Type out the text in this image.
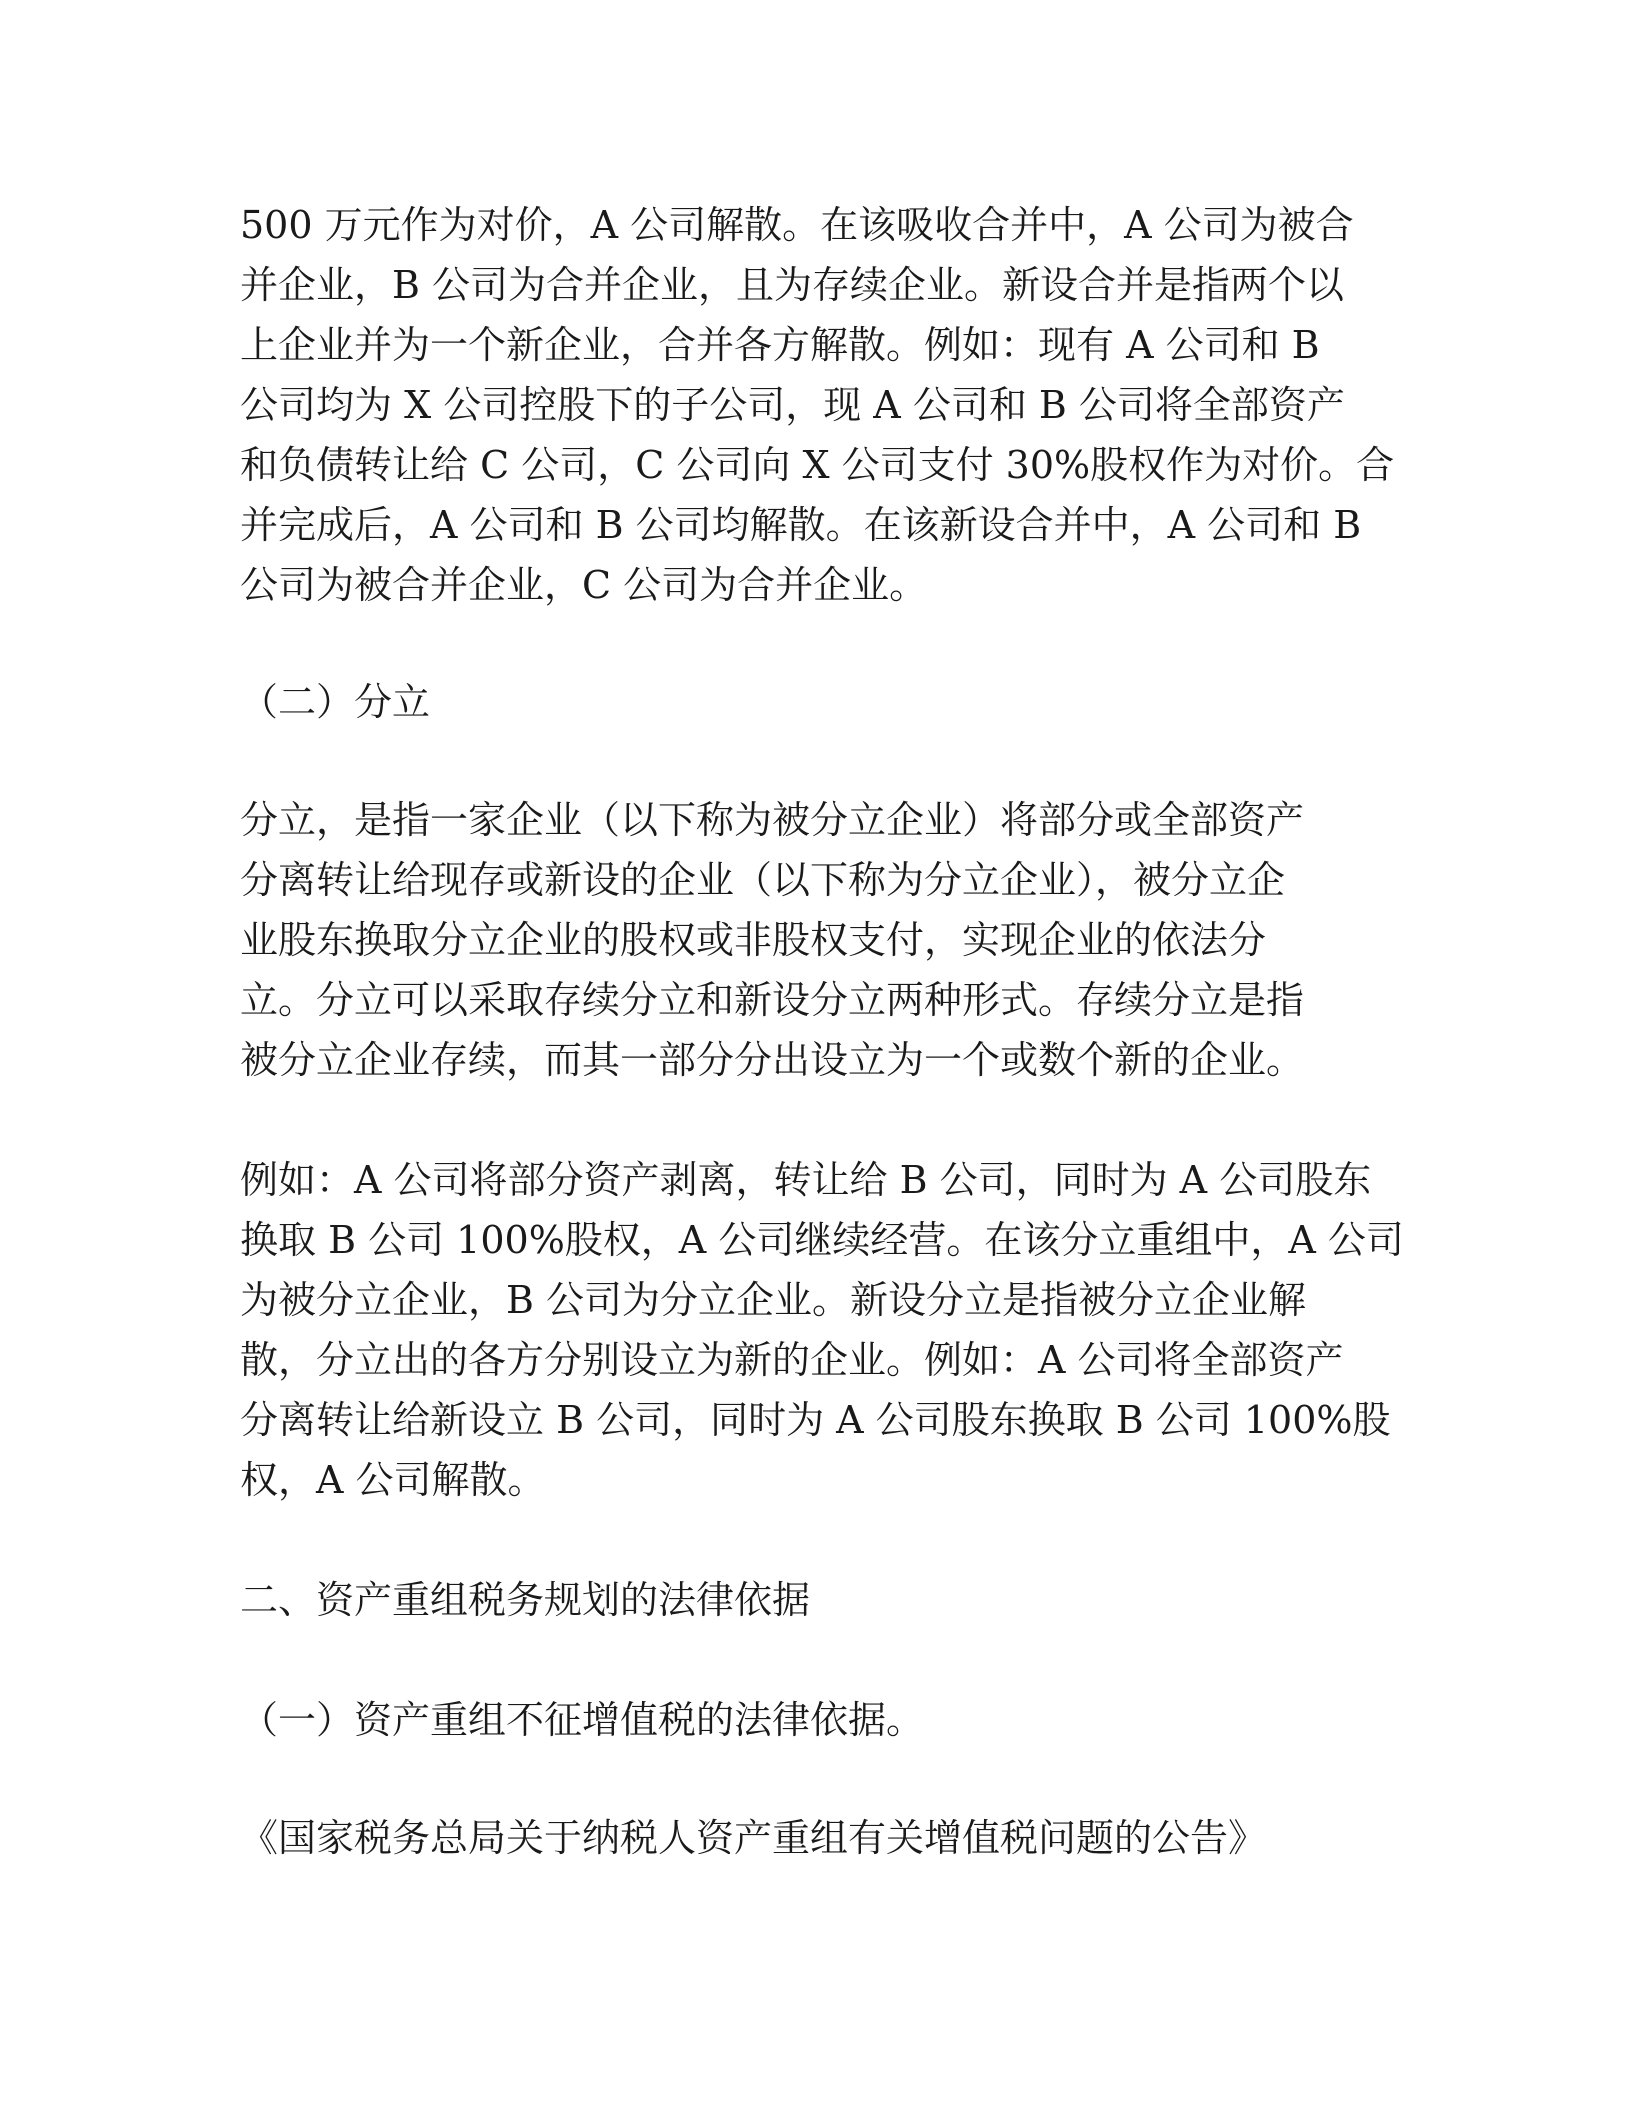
500 万元作为对价，A 公司解散。在该吸收合并中，A 公司为被合
并企业，B 公司为合并企业，且为存续企业。新设合并是指两个以
上企业并为一个新企业，合并各方解散。例如：现有 A 公司和 B
公司均为 X 公司控股下的子公司，现 A 公司和 B 公司将全部资产
和负债转让给 C 公司，C 公司向 X 公司支付 30%股权作为对价。合
并完成后，A 公司和 B 公司均解散。在该新设合并中，A 公司和 B
公司为被合并企业，C 公司为合并企业。
（二）分立
分立，是指一家企业（以下称为被分立企业）将部分或全部资产
分离转让给现存或新设的企业（以下称为分立企业），被分立企
业股东换取分立企业的股权或非股权支付，实现企业的依法分
立。分立可以采取存续分立和新设分立两种形式。存续分立是指
被分立企业存续，而其一部分分出设立为一个或数个新的企业。
例如：A 公司将部分资产剥离，转让给 B 公司，同时为 A 公司股东
换取 B 公司 100%股权，A 公司继续经营。在该分立重组中，A 公司
为被分立企业，B 公司为分立企业。新设分立是指被分立企业解
散，分立出的各方分别设立为新的企业。例如：A 公司将全部资产
分离转让给新设立 B 公司，同时为 A 公司股东换取 B 公司 100%股
权，A 公司解散。
二、资产重组税务规划的法律依据
（一）资产重组不征增值税的法律依据。
《国家税务总局关于纳税人资产重组有关增值税问题的公告》
